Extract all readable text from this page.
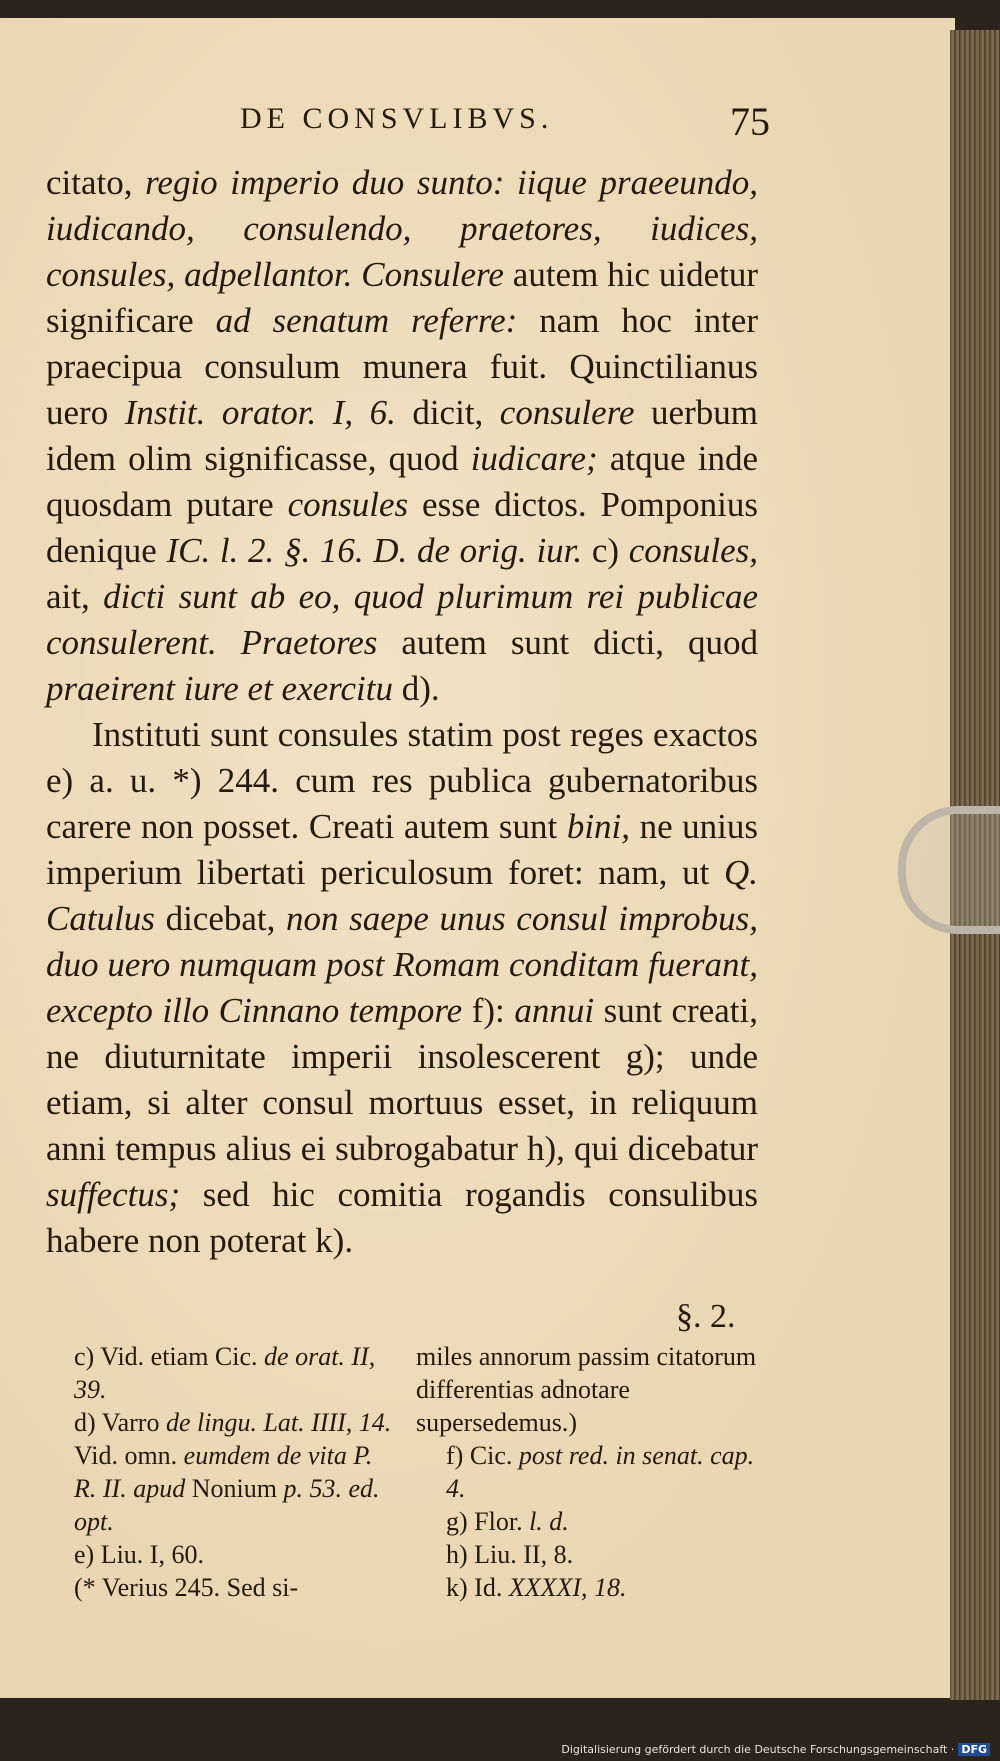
DE CONSVLIBVS.	75

citato, regio imperio duo sunto: iique praeeundo, iudicando, consulendo, praetores, iudices, consules, adpellantor. Consulere autem hic uidetur significare ad senatum referre: nam hoc inter praecipua consulum munera fuit. Quinctilianus uero Instit. orator. I, 6. dicit, consulere uerbum idem olim significasse, quod iudicare; atque inde quosdam putare consules esse dictos. Pomponius denique IC. l. 2. §. 16. D. de orig. iur. c) consules, ait, dicti sunt ab eo, quod plurimum rei publicae consulerent. Praetores autem sunt dicti, quod praeirent iure et exercitu d).

Instituti sunt consules statim post reges exactos e) a. u. *) 244. cum res publica gubernatoribus carere non posset. Creati autem sunt bini, ne unius imperium libertati periculosum foret: nam, ut Q. Catulus dicebat, non saepe unus consul improbus, duo uero numquam post Romam conditam fuerant, excepto illo Cinnano tempore f): annui sunt creati, ne diuturnitate imperii insolescerent g); unde etiam, si alter consul mortuus esset, in reliquum anni tempus alius ei subrogabatur h), qui dicebatur suffectus; sed hic comitia rogandis consulibus habere non poterat k).

§. 2.

c) Vid. etiam Cic. de orat. II, 39.

d) Varro de lingu. Lat. IIII, 14. Vid. omn. eumdem de vita P. R. II. apud Nonium p. 53. ed. opt.

e) Liu. I, 60.

(* Verius 245. Sed si-

miles annorum passim citatorum differentias adnotare supersedemus.)

f) Cic. post red. in senat. cap. 4.

g) Flor. l. d.

h) Liu. II, 8.

k) Id. XXXXI, 18.

Digitalisierung gefördert durch die Deutsche Forschungsgemeinschaft · DFG
